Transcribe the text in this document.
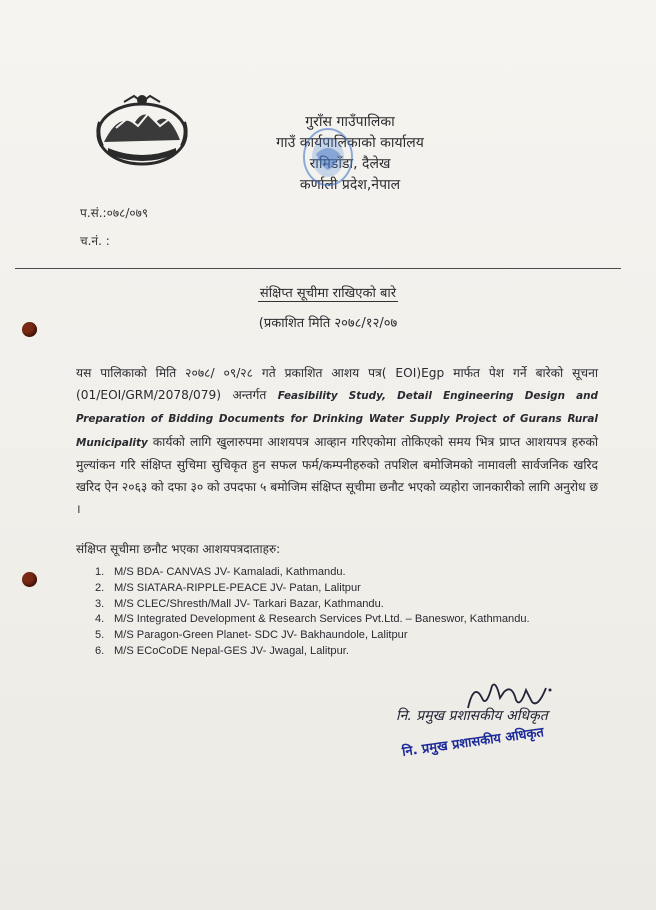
गुराँस गाउँपालिका
गाउँ कार्यपालिकाको कार्यालय
रामिडाँडा, दैलेख
कर्णाली प्रदेश,नेपाल
प.सं.:०७८/०७९
च.नं. :
संक्षिप्त सूचीमा राखिएको बारे
(प्रकाशित मिति २०७८/१२/०७
यस पालिकाको मिति २०७८/ ०९/२८ गते प्रकाशित आशय पत्र( EOI)Egp मार्फत पेश गर्ने बारेको सूचना (01/EOI/GRM/2078/079) अन्तर्गत Feasibility Study, Detail Engineering Design and Preparation of Bidding Documents for Drinking Water Supply Project of Gurans Rural Municipality कार्यको लागि खुलारुपमा आशयपत्र आव्हान गरिएकोमा तोकिएको समय भित्र प्राप्त आशयपत्र हरुको मुल्यांकन गरि संक्षिप्त सुचिमा सुचिकृत हुन सफल फर्म/कम्पनीहरुको तपशिल बमोजिमको नामावली सार्वजनिक खरिद खरिद ऐन २०६३ को दफा ३० को उपदफा ५ बमोजिम संक्षिप्त सूचीमा छनौट भएको व्यहोरा जानकारीको लागि अनुरोध छ ।
संक्षिप्त सूचीमा छनौट भएका आशयपत्रदाताहरु:
1. M/S BDA- CANVAS JV- Kamaladi, Kathmandu.
2. M/S SIATARA-RIPPLE-PEACE JV- Patan, Lalitpur
3. M/S CLEC/Shresth/Mall JV- Tarkari Bazar, Kathmandu.
4. M/S Integrated Development & Research Services Pvt.Ltd. – Baneswor, Kathmandu.
5. M/S Paragon-Green Planet- SDC JV- Bakhaundole, Lalitpur
6. M/S ECoCoDE Nepal-GES JV- Jwagal, Lalitpur.
नि. प्रमुख प्रशासकीय अधिकृत
नि. प्रमुख प्रशासकीय अधिकृत
